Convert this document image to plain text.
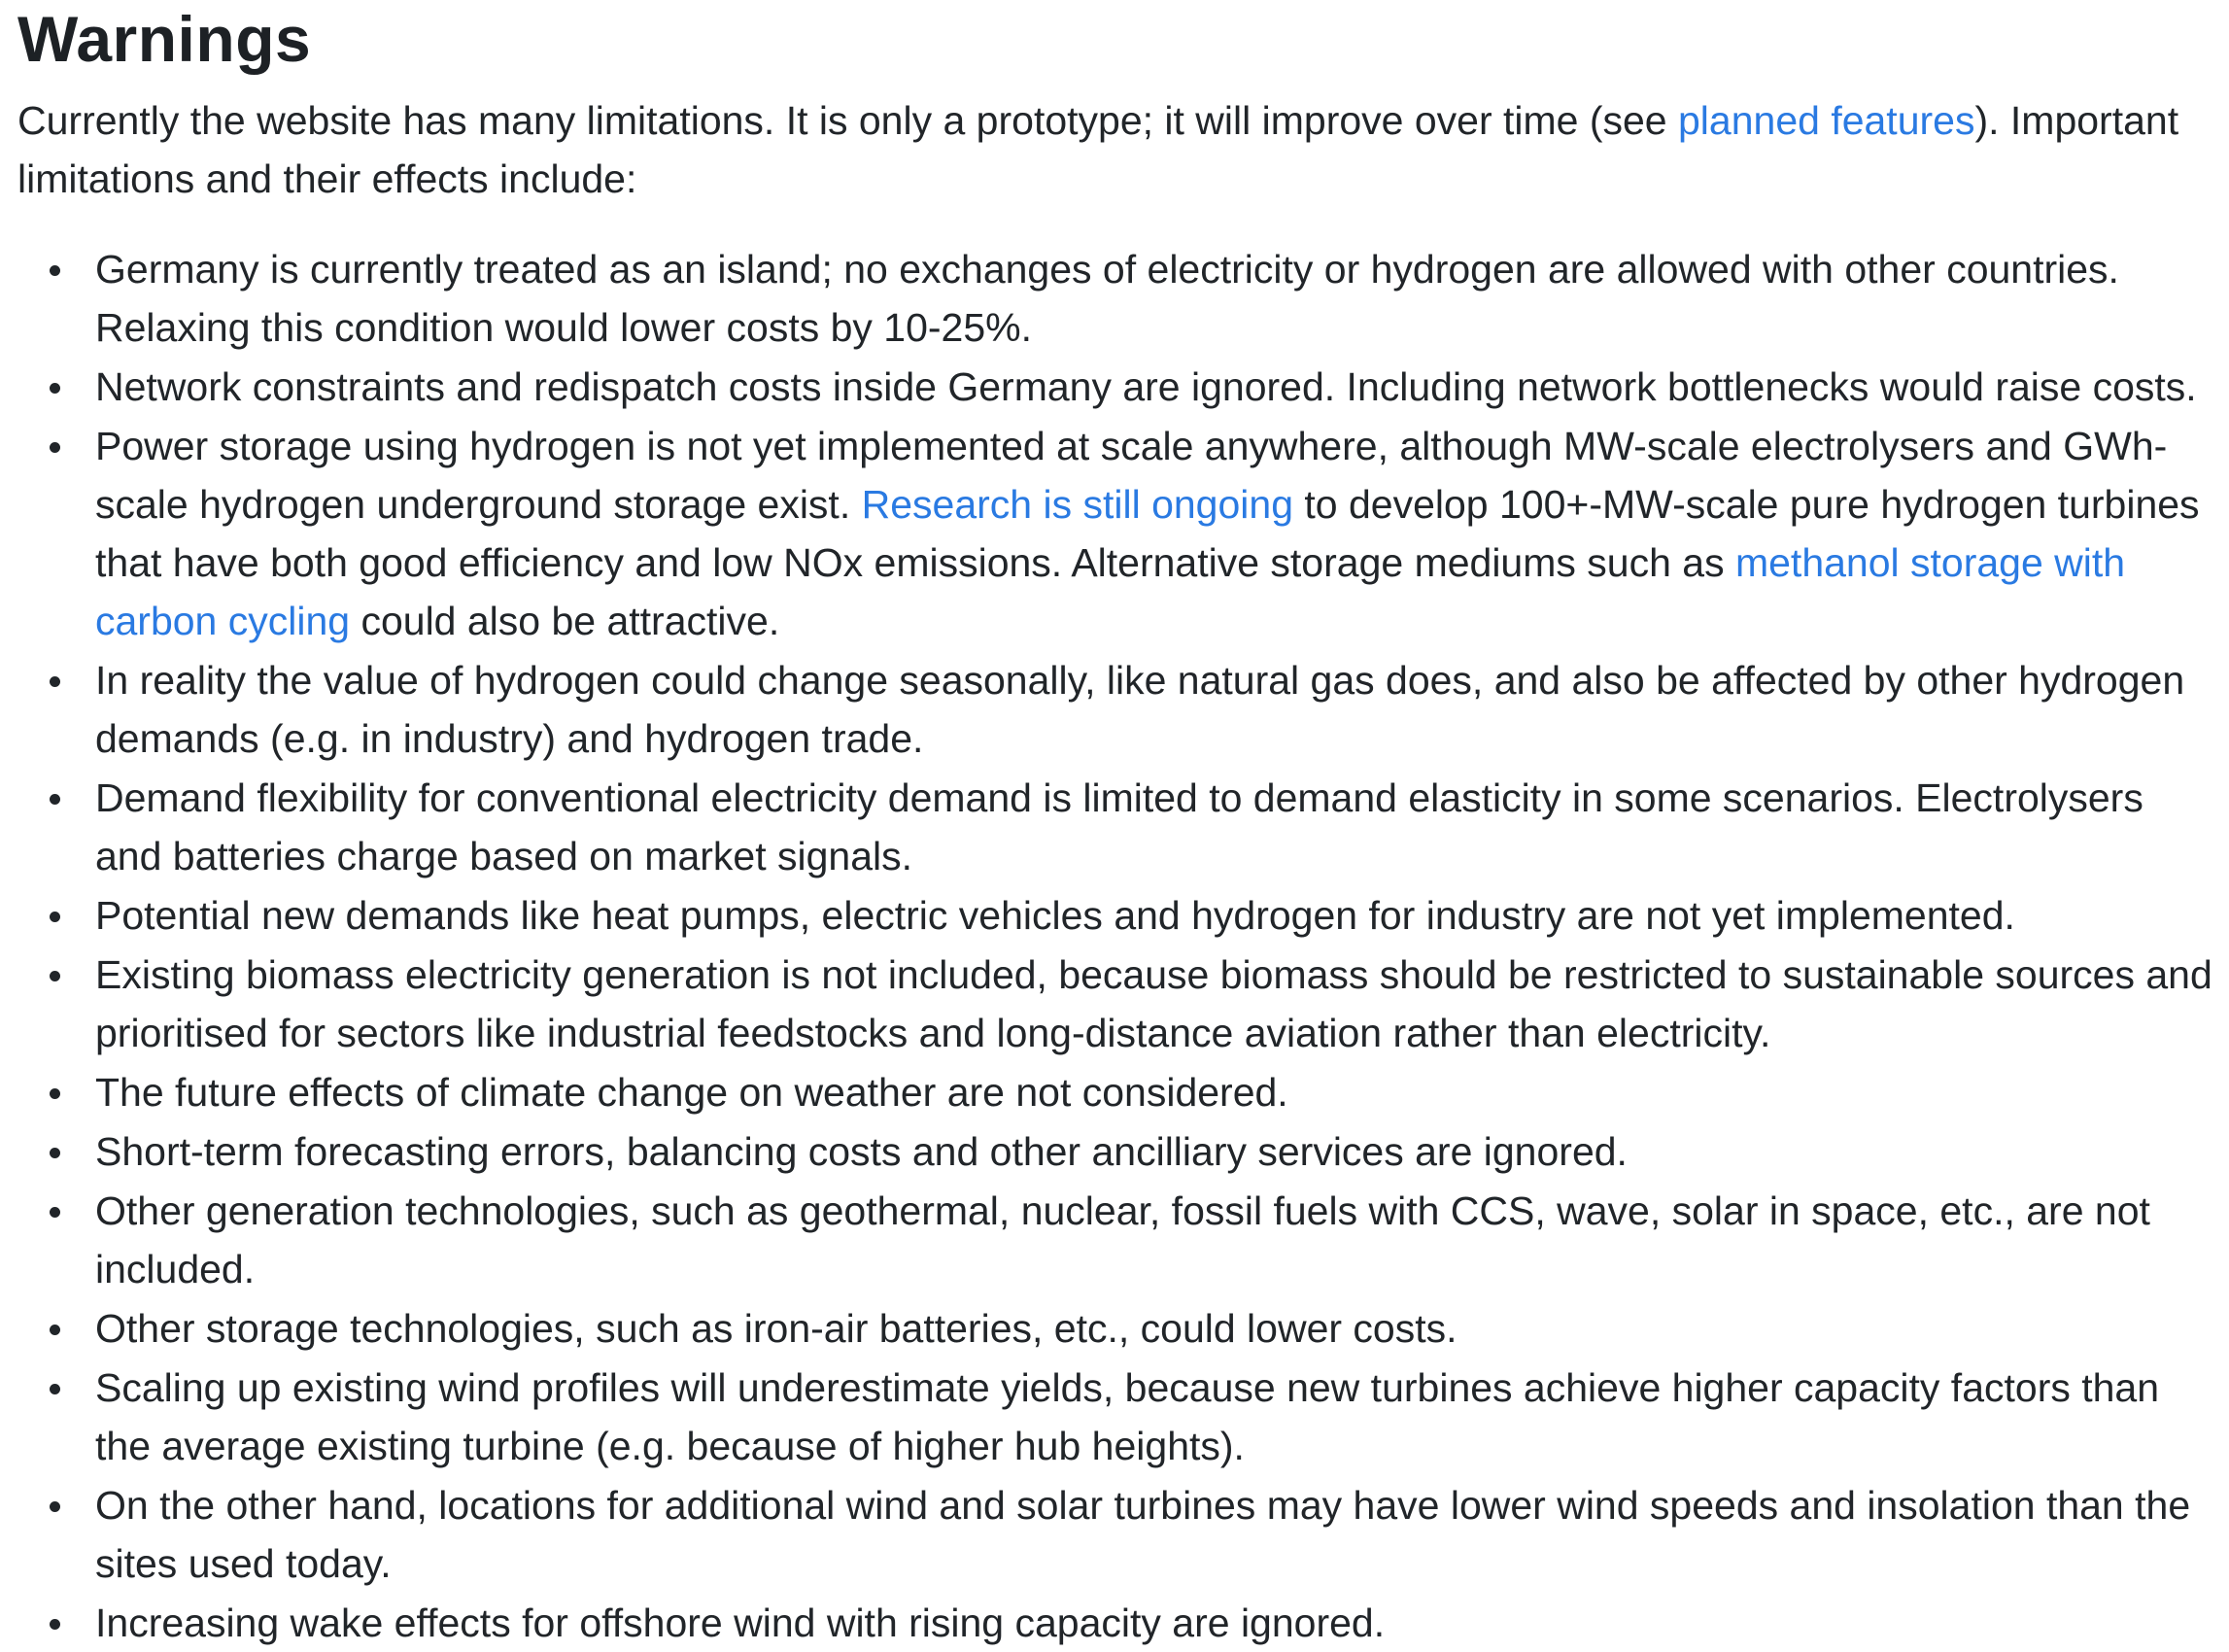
Warnings

Currently the website has many limitations. It is only a prototype; it will improve over time (see planned features). Important limitations and their effects include:

Germany is currently treated as an island; no exchanges of electricity or hydrogen are allowed with other countries. Relaxing this condition would lower costs by 10-25%.
Network constraints and redispatch costs inside Germany are ignored. Including network bottlenecks would raise costs.
Power storage using hydrogen is not yet implemented at scale anywhere, although MW-scale electrolysers and GWh-scale hydrogen underground storage exist. Research is still ongoing to develop 100+-MW-scale pure hydrogen turbines that have both good efficiency and low NOx emissions. Alternative storage mediums such as methanol storage with carbon cycling could also be attractive.
In reality the value of hydrogen could change seasonally, like natural gas does, and also be affected by other hydrogen demands (e.g. in industry) and hydrogen trade.
Demand flexibility for conventional electricity demand is limited to demand elasticity in some scenarios. Electrolysers and batteries charge based on market signals.
Potential new demands like heat pumps, electric vehicles and hydrogen for industry are not yet implemented.
Existing biomass electricity generation is not included, because biomass should be restricted to sustainable sources and prioritised for sectors like industrial feedstocks and long-distance aviation rather than electricity.
The future effects of climate change on weather are not considered.
Short-term forecasting errors, balancing costs and other ancilliary services are ignored.
Other generation technologies, such as geothermal, nuclear, fossil fuels with CCS, wave, solar in space, etc., are not included.
Other storage technologies, such as iron-air batteries, etc., could lower costs.
Scaling up existing wind profiles will underestimate yields, because new turbines achieve higher capacity factors than the average existing turbine (e.g. because of higher hub heights).
On the other hand, locations for additional wind and solar turbines may have lower wind speeds and insolation than the sites used today.
Increasing wake effects for offshore wind with rising capacity are ignored.
